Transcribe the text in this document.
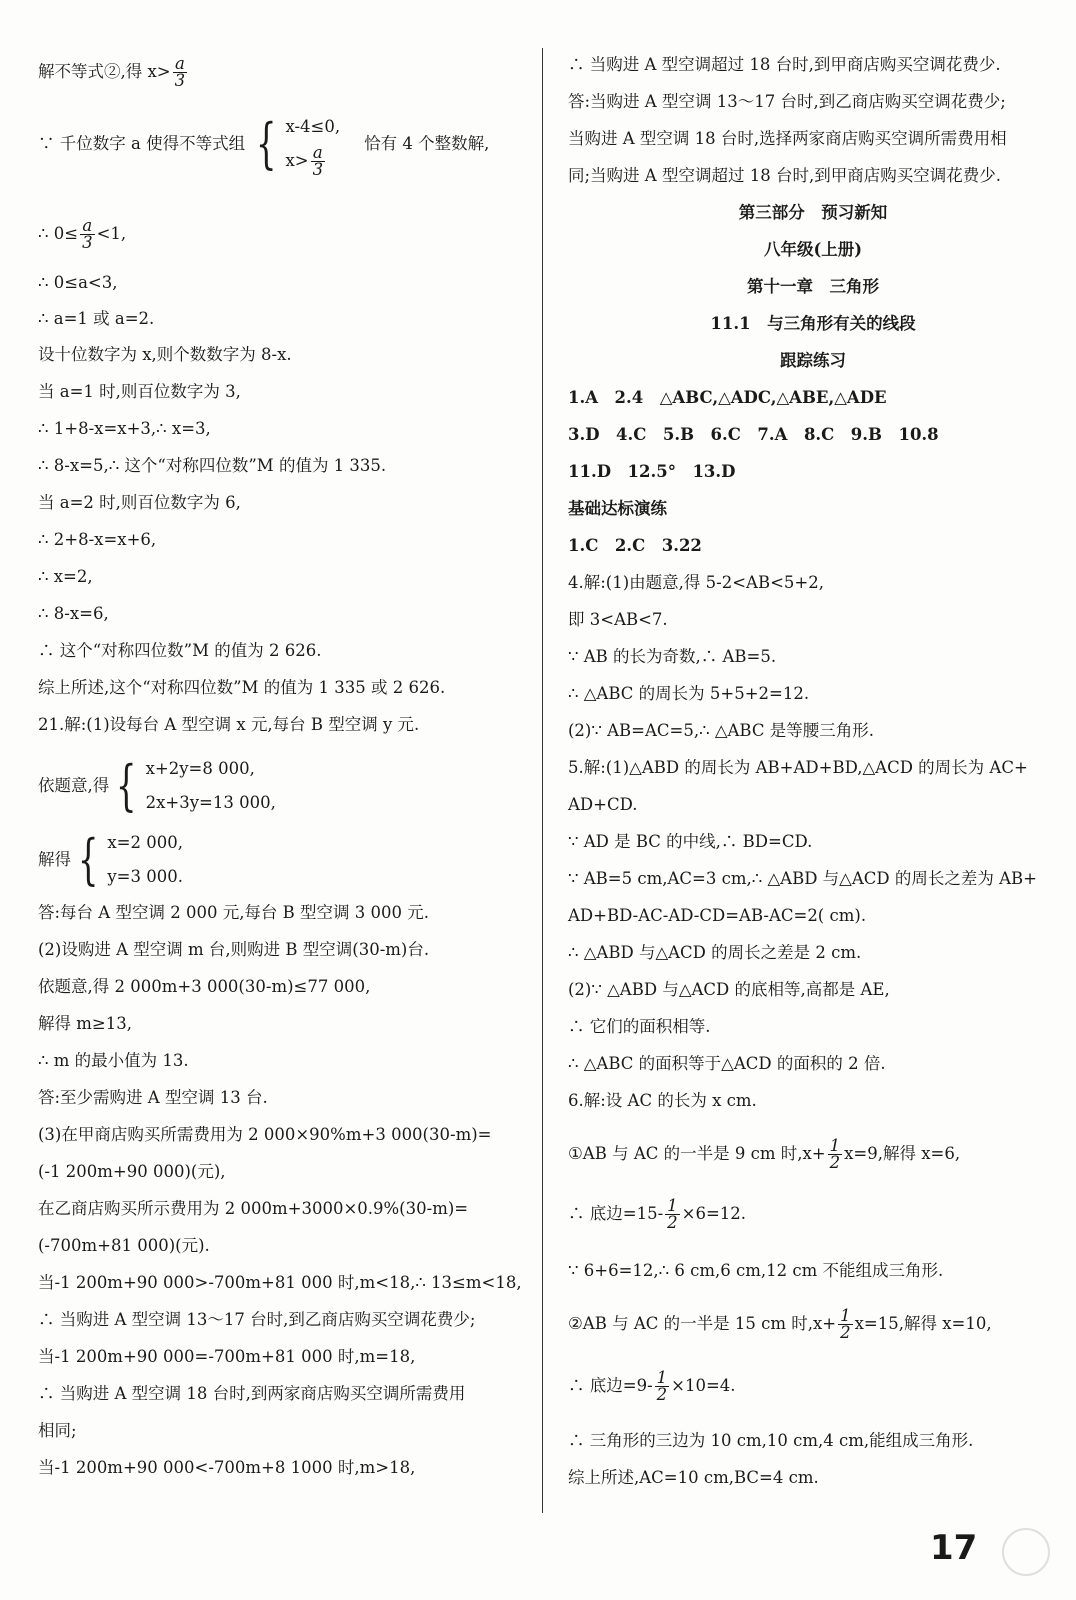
解不等式②,得 $x> \frac{a}{3}$
∵ 千位数字 a 使得不等式组 { x-4≤0,
$x> \frac{a}{3}$
恰有 4 个整数解,
∴ $0\le \frac{a}{3} <1$,
∴ 0≤a<3,
∴ a=1 或 a=2.
设十位数字为 x,则个数数字为 8-x.
当 a=1 时,则百位数字为 3,
∴ 1+8-x=x+3,∴ x=3,
∴ 8-x=5,∴ 这个“对称四位数”M 的值为 1 335.
当 a=2 时,则百位数字为 6,
∴ 2+8-x=x+6,
∴ x=2,
∴ 8-x=6,
∴ 这个“对称四位数”M 的值为 2 626.
综上所述,这个“对称四位数”M 的值为 1 335 或 2 626.
21.解:(1)设每台 A 型空调 x 元,每台 B 型空调 y 元.
依题意,得 { x+2y=8 000,
2x+3y=13 000,
解得 { x=2 000,
y=3 000.
答:每台 A 型空调 2 000 元,每台 B 型空调 3 000 元.
(2)设购进 A 型空调 m 台,则购进 B 型空调(30-m)台.
依题意,得 2 000m+3 000(30-m)≤77 000,
解得 m≥13,
∴ m 的最小值为 13.
答:至少需购进 A 型空调 13 台.
(3)在甲商店购买所需费用为 2 000×90%m+3 000(30-m)=
(-1 200m+90 000)(元),
在乙商店购买所示费用为 2 000m+3000×0.9%(30-m)=
(-700m+81 000)(元).
当-1 200m+90 000>-700m+81 000 时,m<18,∴ 13≤m<18,
∴ 当购进 A 型空调 13～17 台时,到乙商店购买空调花费少;
当-1 200m+90 000=-700m+81 000 时,m=18,
∴ 当购进 A 型空调 18 台时,到两家商店购买空调所需费用
相同;
当-1 200m+90 000<-700m+8 1000 时,m>18,
∴ 当购进 A 型空调超过 18 台时,到甲商店购买空调花费少.
答:当购进 A 型空调 13～17 台时,到乙商店购买空调花费少;
当购进 A 型空调 18 台时,选择两家商店购买空调所需费用相
同;当购进 A 型空调超过 18 台时,到甲商店购买空调花费少.
第三部分　预习新知
八年级(上册)
第十一章　三角形
11.1　与三角形有关的线段
跟踪练习
1.A　2.4　△ABC,△ADC,△ABE,△ADE
3.D　4.C　5.B　6.C　7.A　8.C　9.B　10.8
11.D　12.5°　13.D
基础达标演练
1.C　2.C　3.22
4.解:(1)由题意,得 5-2<AB<5+2,
即 3<AB<7.
∵ AB 的长为奇数,∴ AB=5.
∴ △ABC 的周长为 5+5+2=12.
(2)∵ AB=AC=5,∴ △ABC 是等腰三角形.
5.解:(1)△ABD 的周长为 AB+AD+BD,△ACD 的周长为 AC+
AD+CD.
∵ AD 是 BC 的中线,∴ BD=CD.
∵ AB=5 cm,AC=3 cm,∴ △ABD 与△ACD 的周长之差为 AB+
AD+BD-AC-AD-CD=AB-AC=2( cm).
∴ △ABD 与△ACD 的周长之差是 2 cm.
(2)∵ △ABD 与△ACD 的底相等,高都是 AE,
∴ 它们的面积相等.
∴ △ABC 的面积等于△ACD 的面积的 2 倍.
6.解:设 AC 的长为 x cm.
①AB 与 AC 的一半是 9 cm 时$,x+ \frac{1}{2} x=9$,解得 x=6,
∴ 底边$=15- \frac{1}{2} \times 6=12$.
∵ 6+6=12,∴ 6 cm,6 cm,12 cm 不能组成三角形.
②AB 与 AC 的一半是 15 cm 时$,x+ \frac{1}{2} x=15$,解得 x=10,
∴ 底边$=9- \frac{1}{2} \times 10=4$.
∴ 三角形的三边为 10 cm,10 cm,4 cm,能组成三角形.
综上所述,AC=10 cm,BC=4 cm.
17
